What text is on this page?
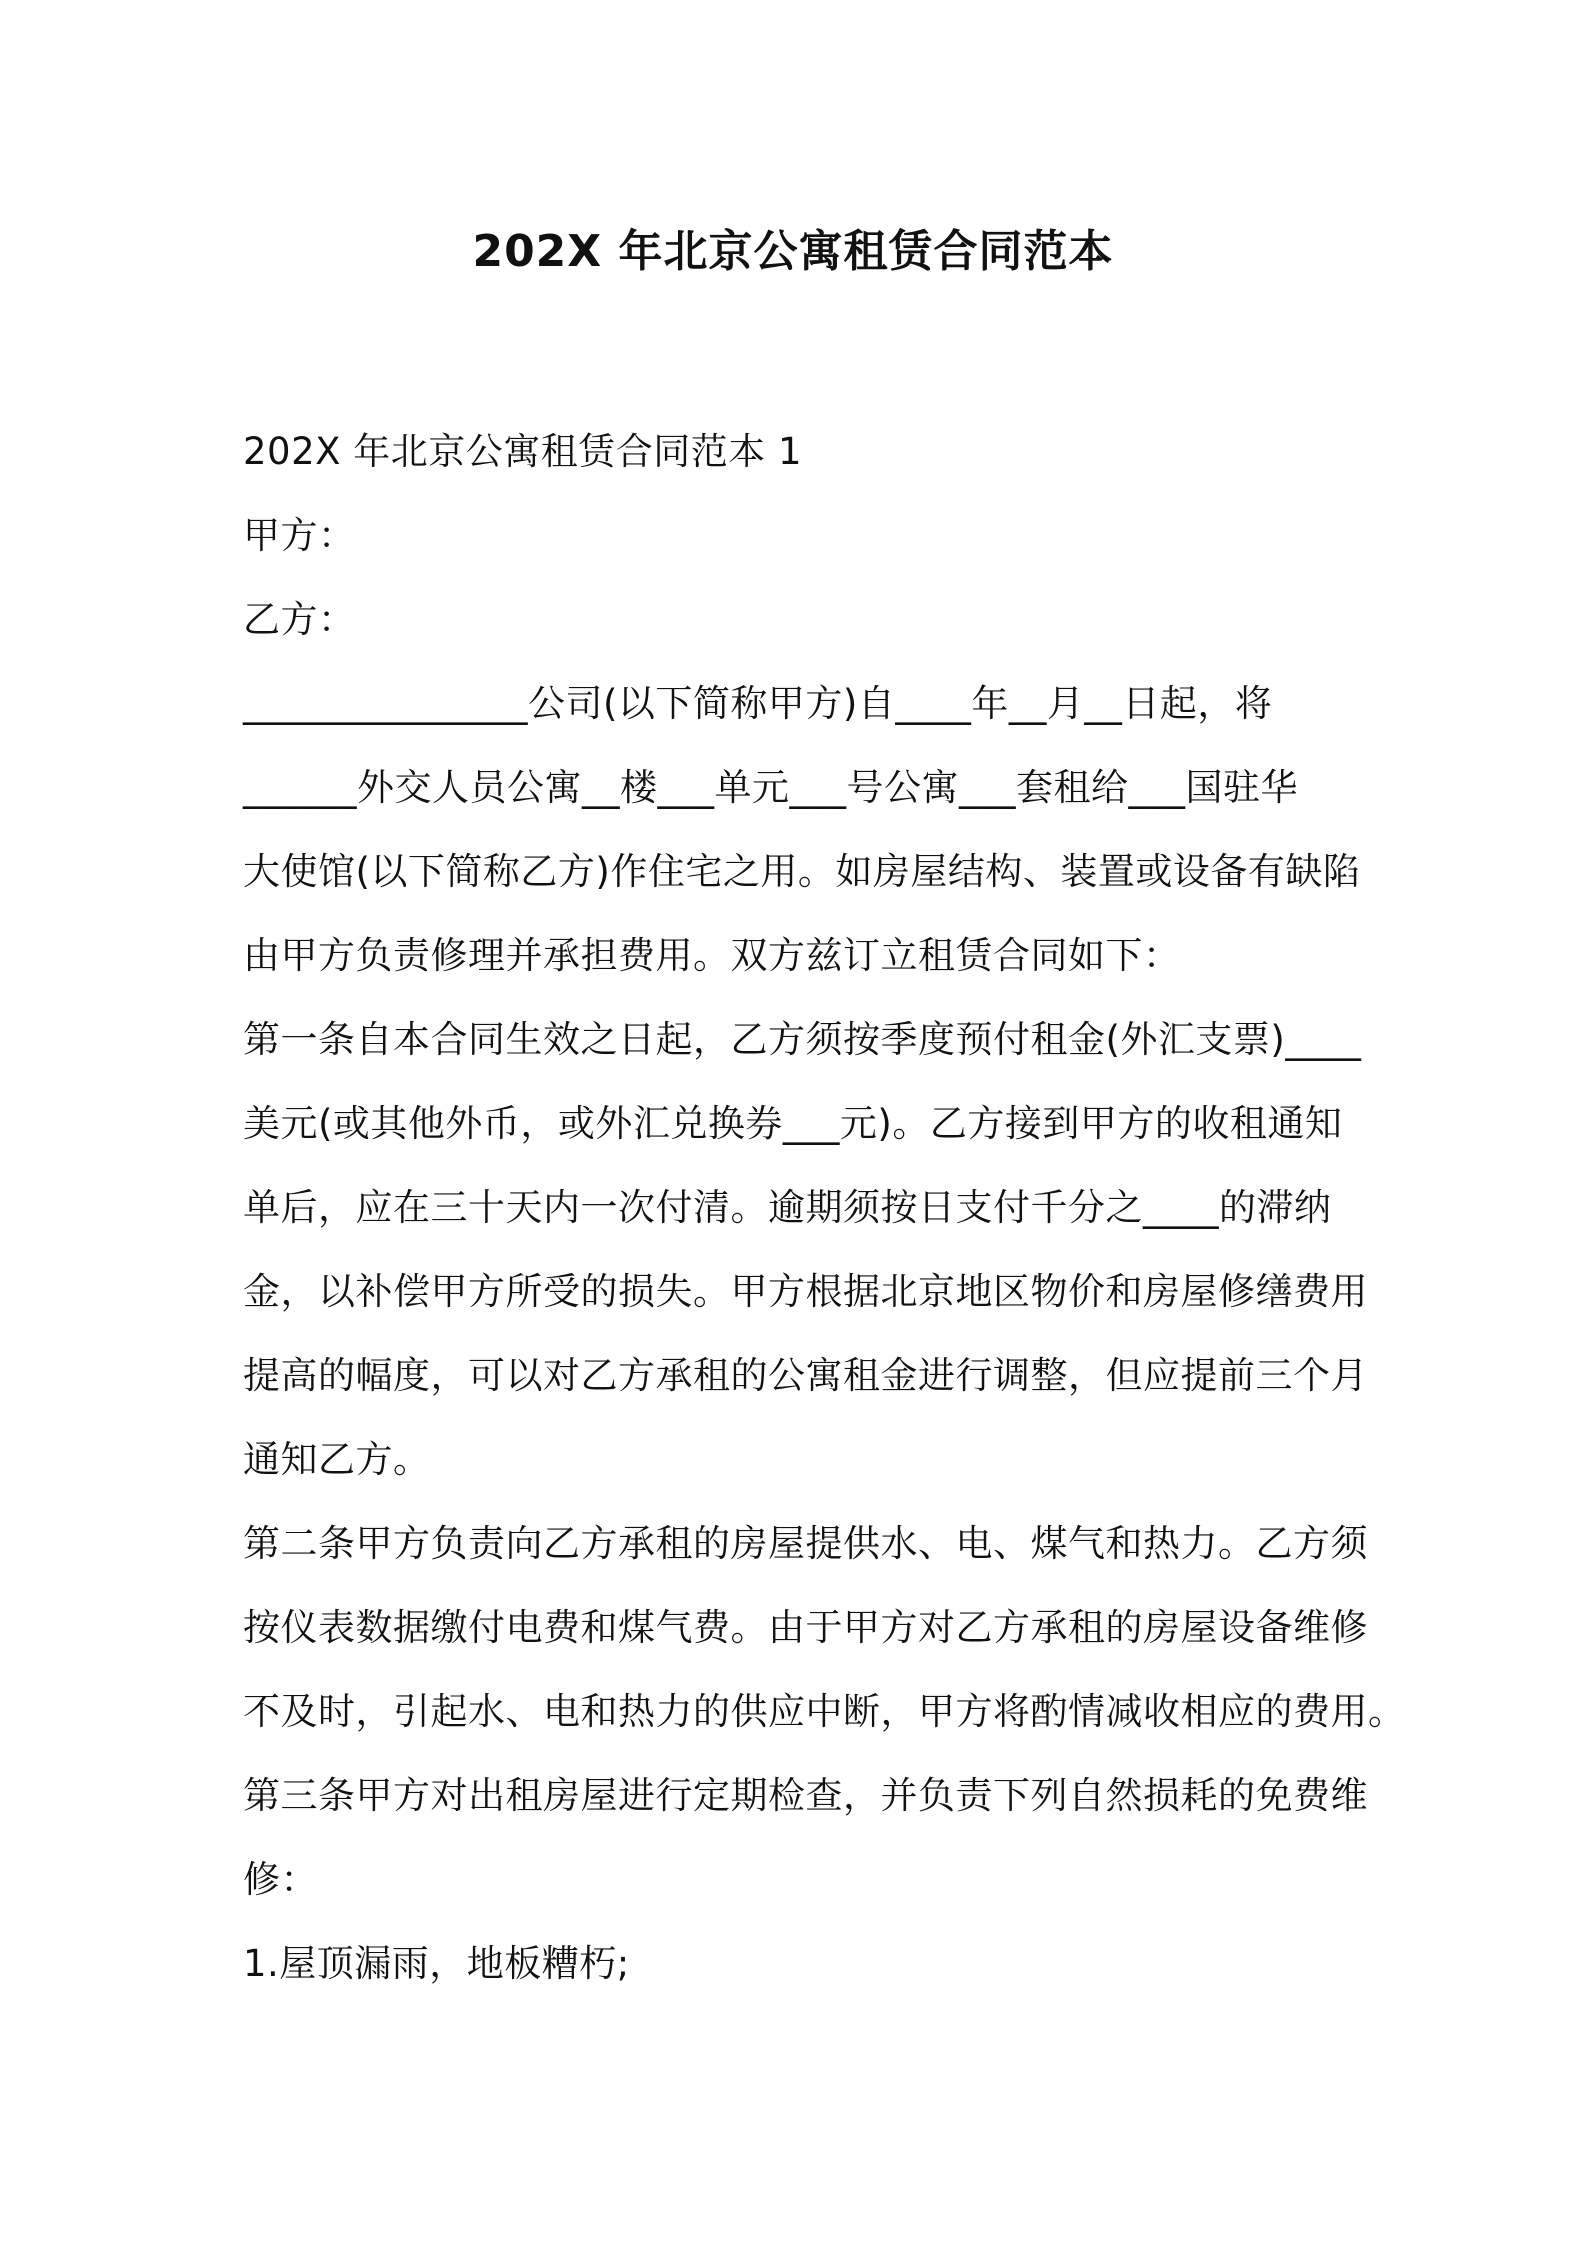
202X 年北京公寓租赁合同范本
202X 年北京公寓租赁合同范本 1
甲方：
乙方：
_______________公司(以下简称甲方)自____年__月__日起，将
______外交人员公寓__楼___单元___号公寓___套租给___国驻华
大使馆(以下简称乙方)作住宅之用。如房屋结构、装置或设备有缺陷
由甲方负责修理并承担费用。双方兹订立租赁合同如下：
第一条自本合同生效之日起，乙方须按季度预付租金(外汇支票)____
美元(或其他外币，或外汇兑换券___元)。乙方接到甲方的收租通知
单后，应在三十天内一次付清。逾期须按日支付千分之____的滞纳
金，以补偿甲方所受的损失。甲方根据北京地区物价和房屋修缮费用
提高的幅度，可以对乙方承租的公寓租金进行调整，但应提前三个月
通知乙方。
第二条甲方负责向乙方承租的房屋提供水、电、煤气和热力。乙方须
按仪表数据缴付电费和煤气费。由于甲方对乙方承租的房屋设备维修
不及时，引起水、电和热力的供应中断，甲方将酌情减收相应的费用。
第三条甲方对出租房屋进行定期检查，并负责下列自然损耗的免费维
修：
1.屋顶漏雨，地板糟朽;
